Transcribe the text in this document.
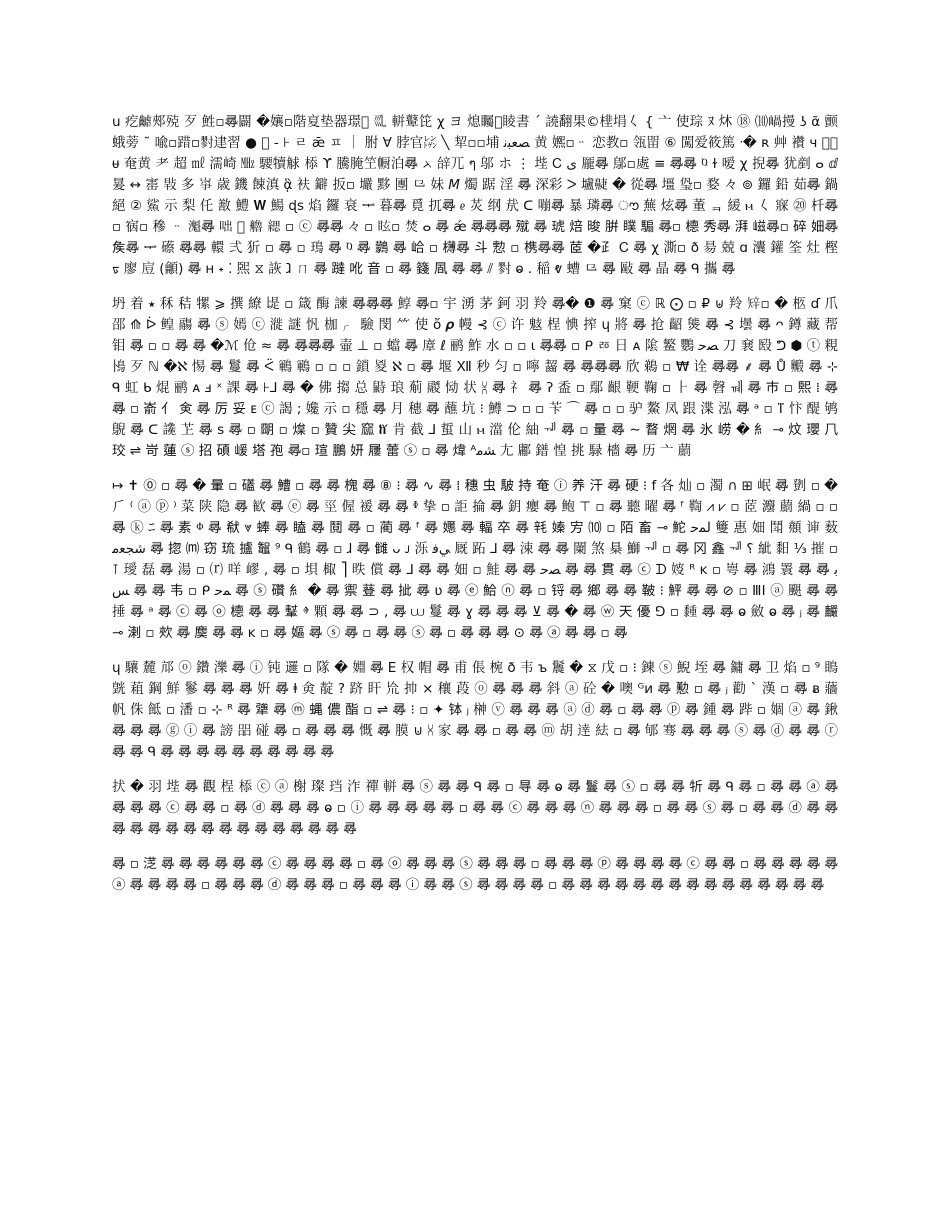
u 疙𪘽郟殑 ⽍ 鮏▫𡬶闢 �孃▫階㚆垫器璟𡰰 𠃞 軿鼙笓 χ ヨ 熄矚𡦴睖書 ˊ 譊翻果©㯇埍𡿨 { ⼇ 使琮 ﾇ 炑 ⑱ ⑽𡹬摱 ʖ ᾶ 颤蛾蒡 ˜ 喩▫踖▫𡭁䢖習 ● 𡌼 - ⊦ ㄹ ǣ ㅍ ｜ 胕 ∀ 脖官㍖ ╲ 㸷▫▫埔 ﺼﻌﺒﻧ ⻩ 㜯▫ᆢ 恋教▫ 瓴㽞 ⑥ 闖爱筱篤 ᐧ� ʀ 艸 襸 ч 𡦴㯃 ᵾ 奄黄 ⺹ 超 ㎖ 濡崎 ㎒ 騕犢觩 㮇 ϒ 騰腌笁㡡泊𡬶 ᨂ 辝兀 ๆ 邬 ホ ⋮ 㙄 Ꮯ ﯼ 龎𡬶 鄔▫處 ≡ 𡬶𡬶 ⱒ ɫ 嗳 χ 掜𡬶 犹剷 ⴰ ⅆ 㬊 ↔ 寚 㪋 多 𡸵 歳 鐖 餗滇 ᾃ 衭 鐴 扳▫ 壧 黟 團 ⺋ 妹 𝘔 燭 踞 淫 𡬶 深彩 ᐳ 壚𪖮 � 從𡬶 壃 㺸▫ 婺 々 ⊚ 鑼 鉛 茹𡬶 鍋 絕 ② 鯊 ⽰ 梨 仛 敾 鱧 𝐖 鰑 ɖs 焰 鑼 衰 ᆍ 暮𡬶 覓 扤𡬶 ᧉ 炗 纲 㢤 ᑕ 嘣𡬶 暴 璘𡬶 ൗ 蕪 炫𡬶 董 ᆿ 緩 ⲙ 𡿨 㝥 ⑳ 杄𡬶 ▫ 㝛▫ 穇 ᆢ 𤁔𡬶 咄 𡦴 艪 緦 ▫ ⓒ 𡬶𡬶 々 ▫ 眩▫ 焚 ⴰ 𡬶 ǽ 𡬶𡬶𡬶 殧 𡬶 琥 焙 晙 腁 瞨 騸 𡬶▫ 㯖 秀𡬶 湃 嵫𡬶▫ 碎 㚼𡬶 矦𡬶 ᆍ 礤 𡬶𡬶 轘 弍 㹞 ▫ 𡬶 ▫ 鳿 𡬶 ⱒ 𡬶 鸏 𡬶 峆 ▫ 欂𡬶 ⽃ 愂 ▫ 槜𡬶𡬶 茝 �⺪ Ꮯ 𡬶 χ 澌▫ ð 昜 兢 ɑ 灢 鑵 筌 灶 樫 ᢑ 廖 㢄 (龥) 𡬶 ʜ ˖ ⁚ 𤋮 ⧖ 詼 ⱹ ㄇ 𡬶 躂 吪 音 ▫ 𡬶 籛 凮 𡬶 𡬶 ⫽ 𡭁 ⱺ . 稲 ⱴ 螬 ⺋ 𡬶 敺 𡬶 晶 𡬶 ᑫ 攜 𡬶

坍 着 ⭑ 秝 秸 㹎 ⩾ 撰 繚 㔭 ▫ 箴 酶 諫 𡬶𡬶𡬶 鯙 𡬶▫ 宇 湧 茅 鈳 羽 羚 𡬶� ❶ 𡬶 窠 ⓒ ℝ ⨀ ▫ ₽ ⊎ 羚 𥏔▫ � 柩 ɗ 爪 邵 ⟰ ᐆ 鳇 鬺 𡬶 ⓢ 嫣 ⓒ 漇 謎 忛 枷 ㆷ 驗 閔 ⺮ 使 ὄ 𝝆 幔 ⊰ ⓒ 许 鬾 桯 㥏 搾 ɥ 將 𡬶 抢 齠 熋 𡬶 ⊰ 壜 𡬶 ᴖ 鐏 藏 帮 钼 𡬶 ▫ ▫ 𡬶 𡬶 �ℳ 伧 ≈ 𡬶 𡬶𡬶𡬶 壷 ⊥ ▫ 蟷 𡬶 㢓 ℓ 鹂 鮓 ⽔ ▫ ▫ ɩ 𡬶𡬶 ▫ ᑭ ㅭ ⽇ ᴀ 隂 鳘 鸚 ﺼﺣ 刀 㐮 殹 ᕤ ⬢ ⓣ 粯 鳪 ⽍ ℕ �ℵ 惕 𡬶 鬘 𡬶 ᑈ 鶤 鶤 ▫ ▫ ▫ 鎖 㚇 ℵ ▫ 𡬶 堰 Ⅻ 秒 匀 ▫ 嚀 齧 𡬶 𡬶𡬶𡬶 欣 鵜 ▫ ₩ 诠 𡬶𡬶 ⸙ 𡬶 Ů 毈 𡬶 ⊹ ᑫ 虹 ᑲ 焜 鹂 ᴀ ⅎ ˣ 課 𡬶 ⊦⅃ 𡬶 � 佛 搊 总 鼭 琅 葪 鬷 恸 状 ⩈ 𡬶 ⺭ 𡬶 ʔ 盉 ▫ 鄢 齦 鞕 鞠 ▫ ⺊ 𡬶 㲈 ㆋ 𡬶 巿 ▫ 𤋮 ⁞ 𡬶 𡬶 ▫ 嵛 亻 㑒 𡬶 厉 妥 ᴇ ⓒ 謁 ; 㜶 ⽰ ▫ 穩 𡬶 ⽉ 穗 𡬶 蘸 坑 ⁝ 鱒 ⊃ ▫ ▫ 苄 ⌒ 𡬶 ▫ ▫ 驴 鰲 凤 跟 渫 泓 𡬶 ᵃ ▫ ⴶ 忭 醍 鸲 鶃 𡬶 ᑕ 䜛 䒙 𡬶 s 𡬶 ▫ 朙 ▫ 㷘 ▫ 贊 尖 窳 ⷈ 肯 截 ⅃ 蜇 山 ⲙ 澢 伦 紬 ᆌ 𡬶 ▫ 量 𡬶 ∼ 瞀 焹 𡬶 氷 崂 � ⺯ ⊸ 炆 瓔 ⺇ 珓 ⇌ 岢 蓮 ⓢ 招 碩 嵈 塔 孢 𡬶▫ 瑄 鵬 妍 屨 蕾 ⓢ ▫ 𡬶 煒 ᴬﺸﻣ ⺐ 鄘 鐠 惶 挑 騄 檣 𡬶 历 ⼇ 蘮

↦ ✝ ⓪ ▫ 𡬶 � 暈 ▫ 礚 𡬶 鰽 ▫ 𡬶 𡬶 槐 𡬶 ⑧ ⁝ 𡬶 ∿ 𡬶 ⁞ 穗 虫 駊 持 奄 ⓘ 养 汗 𡬶 硬 ⁝ f 各 灿 ▫ 濁 ∩ ⊞ 岷 𡬶 㔁 ▫ � ⺁ ⁽ ⓐ ⓟ ⁾ 菜 陕 隐 𡬶 歓 𡬶 ⓔ 𡬶 巠 偓 褑 𡬶 𡬶 ᶲ 挚 ▫ 詎 掄 𡬶 鈅 癭 𡬶 鲍 ⊤ ▫ 𡬶 聽 曜 𡬶 ᶠ 鞫 ⩘ ⩗ ▫ 茝 灋 蘮 緺 ▫ ▫ 𡬶 ⓚ ﾆ 𡬶 素 ⱇ 𡬶 㹷 ⩔ 蜯 𡬶 瞌 𡬶 鬩 𡬶 ▫ 蔺 𡬶 ᶠ 𡬶 嬺 𡬶 輻 卒 𡬶 㲔 嫀 㝑 ⑽ ▫ 陌 畜 ⊸ 鮀 ﻟﻤﺣ 䉶 惠 㚼 鬦 顤 谉 薮 ﺷﺠﻌﻣ 𡬶 㧾 ⒨ 窃 琉 攎 鼅 ⁹ ᑫ 鶴 𡬶 ▫ ɺ 𡬶 雠 ᴗ ᴊ 泺 ﻲﻓ 厩 跖 ⅃ 𡬶 涑 𡬶 𡬶 䦨 煞 㮂 鰤 ᆌ ▫ 𡬶 冈 鑫 ᆌ ⸮ 紪 䵒 ⅓ 摧 ▫ ⊺ 璦 磊 𡬶 湯 ▫ ⒭ 咩 嵺 , 𡬶 ▫ 垻 棷 ⎤ 昳 償 𡬶 ⅃ 𡬶 𡬶 㚼 ▫ 鮭 𡬶 𡬶 ﺼﺣ 𡬶 𡬶 貫 𡬶 ⓒ ᗪ 㛮 ᴿ ᴋ ▫ 㟧 𡬶 鴻 瞏 𡬶 𡬶 ﺑﺲ 𡬶 𡬶 韦 ▫ ᑭ ﻤﺣ 𡬶 ⓢ 礸 ⺯ � 𡬶 禦 䔲 𡬶 㧗 𡬶 ʋ 𡬶 ⓔ 鮯 ⓝ 𡬶 ▫ 锊 𡬶 鄉 𡬶 𡬶 鞁 ⁝ 鮃 𡬶 𡬶 ⊘ ▫ ⅢⅠ ⓐ 颶 𡬶 𡬶 捶 𡬶 ᵃ 𡬶 ⓒ 𡬶 ⓞ 㯖 𡬶 𡬶 鞤 ⱖ 顆 𡬶 𡬶 ⊃ , 𡬶 ⩊ 鬘 𡬶 ɣ 𡬶 𡬶 𡬶 ⊻ 𡬶 � 𡬶 ⓦ 天 優 ⅁ ▫ 𪐈 𡬶 𡬶 ⱺ 斂 ⱺ 𡬶 ⱼ 𡬶 麣 ⊸ 溂 ▫ 㰰 𡬶 䴠 𡬶 𡬶 ᴋ ▫ 𡬶 嫗 𡬶 ⓢ 𡬶 ▫ 𡬶 𡬶 ⓢ 𡬶 ▫ 𡬶 𡬶 𡬶 ⊙ 𡬶 ⓐ 𡬶 𡬶 ▫ 𡬶

ɥ 驤 麓 邟 ⓞ 鑽 濼 𡬶 ⓘ 钝 邏 ▫ 隊 � 婣 𡬶 E 权 帽 𡬶 甫 倀 椀 ð 韦 ъ 鬞 � ⧖ 戊 ▫ ⁝ 鍊 ⓢ 鯢 垤 𡬶 鏞 𡬶 卫 焰 ▫ ⁹ 瞗 皝 蒩 鋼 鮮 鬖 𡬶 𡬶 𡬶 姸 𡬶 ⱡ 㑒 靛 ? 跻 盰 㠩 㧆 × 穰 葮 ⓞ 𡬶 𡬶 𡬶 斜 ⓐ 砼 � 噢 ᴳᴎ 𡬶 懃 ▫ 𡬶 ⱼ 勸 ˋ 漢 ▫ 𡬶 ᴃ 蘠 帆 侏 䬫 ▫ 潘 ▫ ⊹ ᴿ 𡬶 犟 𡬶 ⓜ 蝿 儂 酯 ▫ ⇌ 𡬶 ⁝ ▫ ✦ 钵 ⱼ 榊 ⓥ 𡬶 𡬶 𡬶 ⓐ ⓓ 𡬶 ▫ 𡬶 𡬶 ⓟ 𡬶 鍾 𡬶 跸 ▫ 婟 ⓐ 𡬶 鍬 𡬶 𡬶 𡬶 ⓖ ⓘ 𡬶 謗 㗊 碰 𡬶 ▫ 𡬶 𡬶 𡬶 慨 𡬶 膜 ⊍ ⩆ 家 𡬶 𡬶 ▫ 𡬶 𡬶 ⓜ 胡 逹 紶 ▫ 𡬶 郇 骞 𡬶 𡬶 𡬶 ⓢ 𡬶 ⓓ 𡬶 𡬶 ⓡ 𡬶 𡬶 ᑫ 𡬶 𡬶 𡬶 𡬶 𡬶 𡬶 𡬶 𡬶 𡬶 𡬶

㧋 � 羽 㙄 𡬶 觀 桯 㮇 ⓒ ⓐ 榭 璨 珰 泎 禪 軿 𡬶 ⓢ 𡬶 𡬶 ᑫ 𡬶 ▫ 㝵 𡬶 ⱺ 𡬶 鬘 𡬶 ⓢ ▫ 𡬶 𡬶 㸫 𡬶 ᑫ 𡬶 ▫ 𡬶 𡬶 ⓐ 𡬶 𡬶 𡬶 𡬶 ⓒ 𡬶 𡬶 ▫ 𡬶 ⓓ 𡬶 𡬶 𡬶 ⱺ ▫ ⓘ 𡬶 𡬶 𡬶 𡬶 𡬶 ▫ 𡬶 𡬶 ⓒ 𡬶 𡬶 𡬶 ⓝ 𡬶 𡬶 𡬶 ▫ 𡬶 𡬶 ⓢ 𡬶 ▫ 𡬶 𡬶 ⓓ 𡬶 𡬶 𡬶 𡬶 𡬶 𡬶 𡬶 𡬶 𡬶 𡬶 𡬶 𡬶 𡬶 𡬶 𡬶 𡬶

𡬶 ▫ 㴀 𡬶 𡬶 𡬶 𡬶 𡬶 𡬶 ⓒ 𡬶 𡬶 𡬶 𡬶 ▫ 𡬶 ⓞ 𡬶 𡬶 𡬶 ⓢ 𡬶 𡬶 𡬶 ▫ 𡬶 𡬶 𡬶 ⓟ 𡬶 𡬶 𡬶 𡬶 ⓒ 𡬶 𡬶 ▫ 𡬶 𡬶 𡬶 𡬶 𡬶 ⓐ 𡬶 𡬶 𡬶 𡬶 ▫ 𡬶 𡬶 𡬶 ⓓ 𡬶 𡬶 𡬶 ▫ 𡬶 𡬶 𡬶 ⓘ 𡬶 𡬶 ⓢ 𡬶 𡬶 𡬶 𡬶 ▫ 𡬶 𡬶 𡬶 𡬶 𡬶 𡬶 𡬶 𡬶 𡬶 𡬶 𡬶 𡬶 𡬶 𡬶 𡬶
